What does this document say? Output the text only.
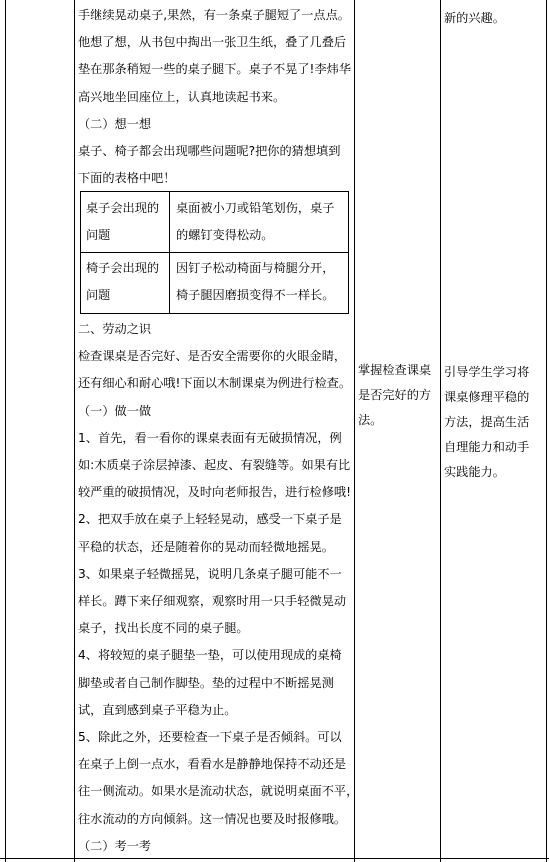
手继续晃动桌子,果然，有一条桌子腿短了一点点。

他想了想，从书包中掏出一张卫生纸，叠了几叠后

垫在那条稍短一些的桌子腿下。桌子不晃了!李炜华

高兴地坐回座位上，认真地读起书来。

（二）想一想

桌子、椅子都会出现哪些问题呢?把你的猜想填到

下面的表格中吧！

桌子会出现的
问题
桌面被小刀或铅笔划伤，桌子
的螺钉变得松动。
椅子会出现的
问题
因钉子松动椅面与椅腿分开，
椅子腿因磨损变得不一样长。

二、劳动之识

检查课桌是否完好、是否安全需要你的火眼金睛，

还有细心和耐心哦!下面以木制课桌为例进行检查。

（一）做一做

1、首先，看一看你的课桌表面有无破损情况，例

如:木质桌子涂层掉漆、起皮、有裂缝等。如果有比

较严重的破损情况，及时向老师报告，进行检修哦!

2、把双手放在桌子上轻轻晃动，感受一下桌子是

平稳的状态，还是随着你的晃动而轻微地摇晃。

3、如果桌子轻微摇晃，说明几条桌子腿可能不一

样长。蹲下来仔细观察，观察时用一只手轻微晃动

桌子，找出长度不同的桌子腿。

4、将较短的桌子腿垫一垫，可以使用现成的桌椅

脚垫或者自己制作脚垫。垫的过程中不断摇晃测

试，直到感到桌子平稳为止。

5、除此之外，还要检查一下桌子是否倾斜。可以

在桌子上倒一点水，看看水是静静地保持不动还是

往一侧流动。如果水是流动状态，就说明桌面不平，

往水流动的方向倾斜。这一情况也要及时报修哦。

（二）考一考

掌握检查课桌

是否完好的方

法。

新的兴趣。

引导学生学习将

课桌修理平稳的

方法，提高生活

自理能力和动手

实践能力。
